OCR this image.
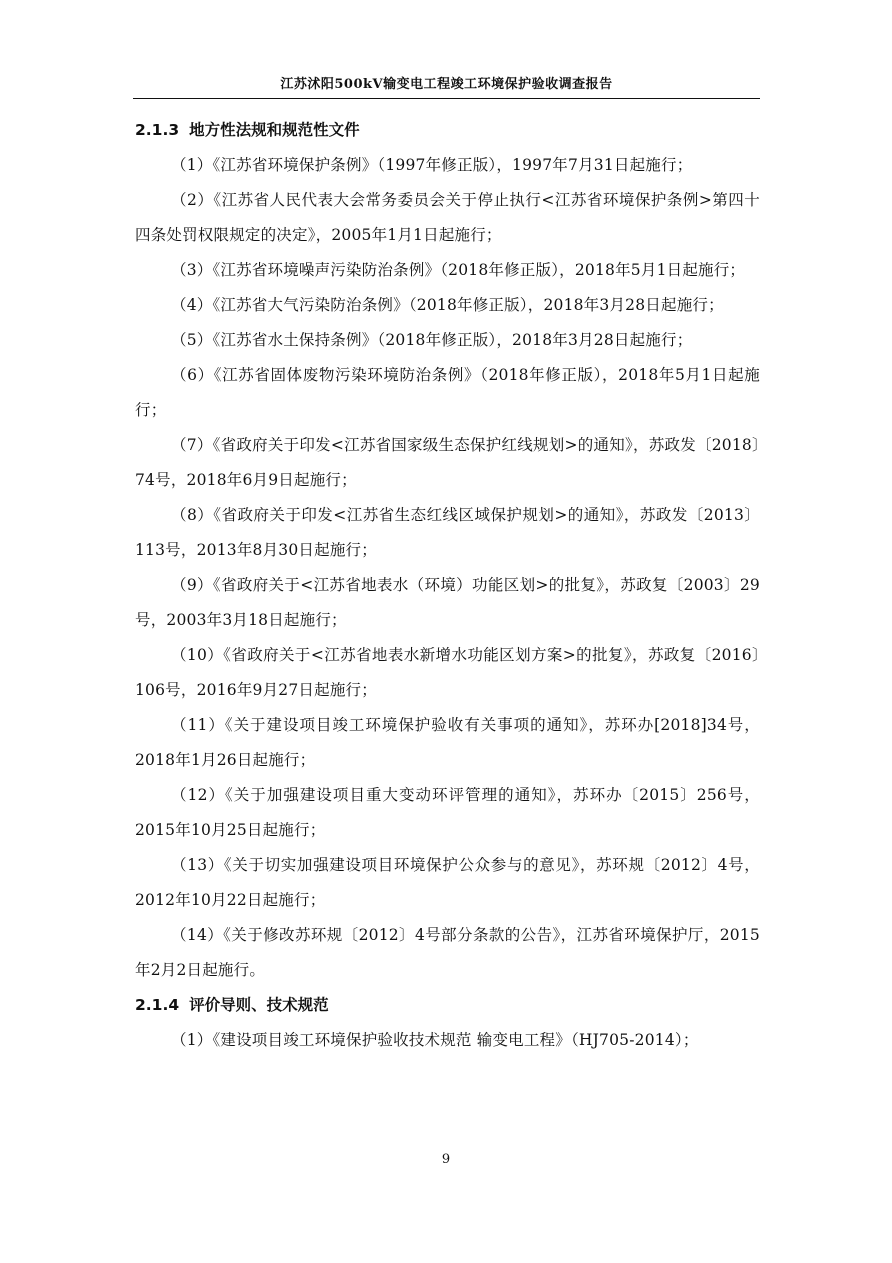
江苏沭阳500kV输变电工程竣工环境保护验收调查报告
2.1.3 地方性法规和规范性文件
（1）《江苏省环境保护条例》（1997年修正版），1997年7月31日起施行；
（2）《江苏省人民代表大会常务委员会关于停止执行<江苏省环境保护条例>第四十四条处罚权限规定的决定》，2005年1月1日起施行；
（3）《江苏省环境噪声污染防治条例》（2018年修正版），2018年5月1日起施行；
（4）《江苏省大气污染防治条例》（2018年修正版），2018年3月28日起施行；
（5）《江苏省水土保持条例》（2018年修正版），2018年3月28日起施行；
（6）《江苏省固体废物污染环境防治条例》（2018年修正版），2018年5月1日起施行；
（7）《省政府关于印发<江苏省国家级生态保护红线规划>的通知》，苏政发〔2018〕74号，2018年6月9日起施行；
（8）《省政府关于印发<江苏省生态红线区域保护规划>的通知》，苏政发〔2013〕113号，2013年8月30日起施行；
（9）《省政府关于<江苏省地表水（环境）功能区划>的批复》，苏政复〔2003〕29号，2003年3月18日起施行；
（10）《省政府关于<江苏省地表水新增水功能区划方案>的批复》，苏政复〔2016〕106号，2016年9月27日起施行；
（11）《关于建设项目竣工环境保护验收有关事项的通知》，苏环办[2018]34号，2018年1月26日起施行；
（12）《关于加强建设项目重大变动环评管理的通知》，苏环办〔2015〕256号，2015年10月25日起施行；
（13）《关于切实加强建设项目环境保护公众参与的意见》，苏环规〔2012〕4号，2012年10月22日起施行；
（14）《关于修改苏环规〔2012〕4号部分条款的公告》，江苏省环境保护厅，2015年2月2日起施行。
2.1.4 评价导则、技术规范
（1）《建设项目竣工环境保护验收技术规范 输变电工程》（HJ705-2014）；
9
